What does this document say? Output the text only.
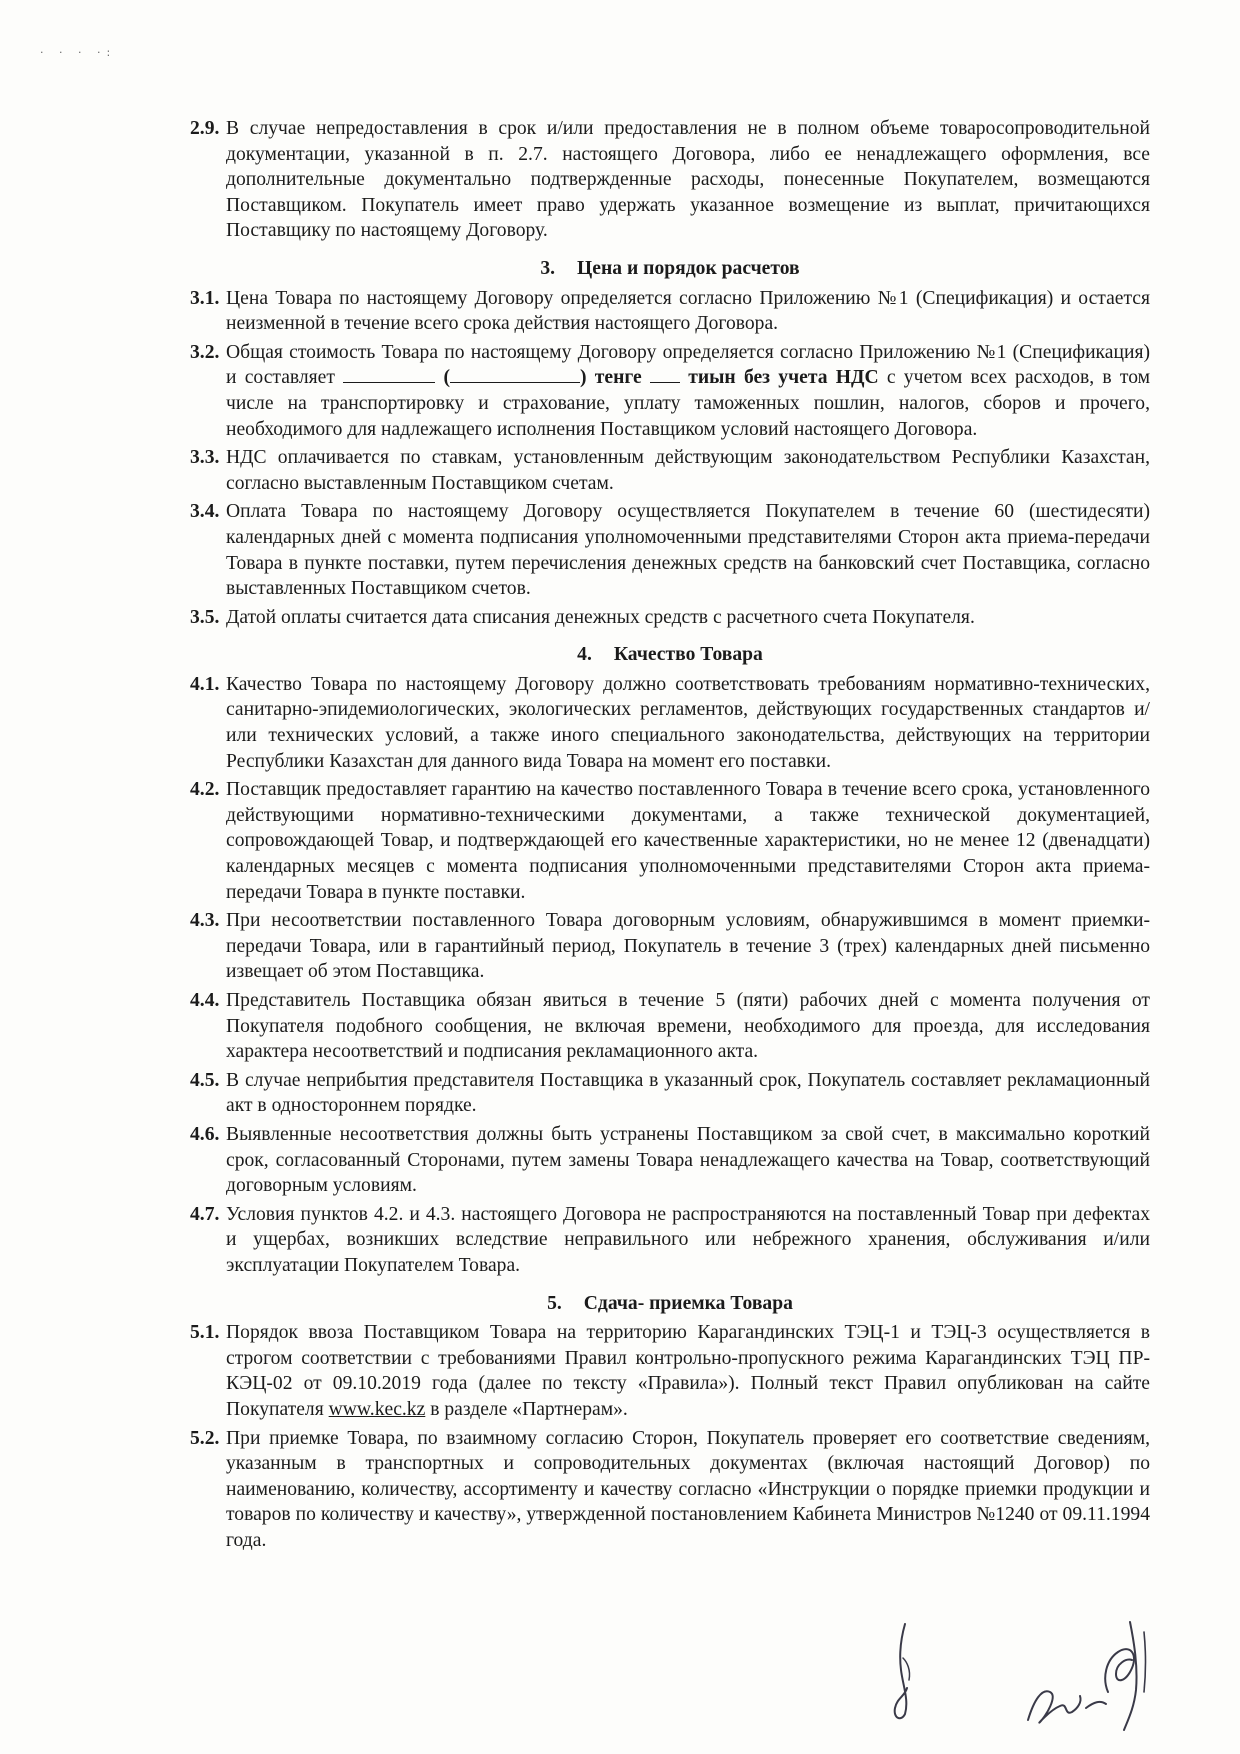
· · · ·:
2.9. В случае непредоставления в срок и/или предоставления не в полном объеме товаросопроводительной документации, указанной в п. 2.7. настоящего Договора, либо ее ненадлежащего оформления, все дополнительные документально подтвержденные расходы, понесенные Покупателем, возмещаются Поставщиком. Покупатель имеет право удержать указанное возмещение из выплат, причитающихся Поставщику по настоящему Договору.
3. Цена и порядок расчетов
3.1. Цена Товара по настоящему Договору определяется согласно Приложению №1 (Спецификация) и остается неизменной в течение всего срока действия настоящего Договора.
3.2. Общая стоимость Товара по настоящему Договору определяется согласно Приложению №1 (Спецификация) и составляет	(	) тенге тиын без учета НДС с учетом всех расходов, в том числе на транспортировку и страхование, уплату таможенных пошлин, налогов, сборов и прочего, необходимого для надлежащего исполнения Поставщиком условий настоящего Договора.
3.3. НДС оплачивается по ставкам, установленным действующим законодательством Республики Казахстан, согласно выставленным Поставщиком счетам.
3.4. Оплата Товара по настоящему Договору осуществляется Покупателем в течение 60 (шестидесяти) календарных дней с момента подписания уполномоченными представителями Сторон акта приема-передачи Товара в пункте поставки, путем перечисления денежных средств на банковский счет Поставщика, согласно выставленных Поставщиком счетов.
3.5. Датой оплаты считается дата списания денежных средств с расчетного счета Покупателя.
4. Качество Товара
4.1. Качество Товара по настоящему Договору должно соответствовать требованиям нормативно-технических, санитарно-эпидемиологических, экологических регламентов, действующих государственных стандартов и/или технических условий, а также иного специального законодательства, действующих на территории Республики Казахстан для данного вида Товара на момент его поставки.
4.2. Поставщик предоставляет гарантию на качество поставленного Товара в течение всего срока, установленного действующими нормативно-техническими документами, а также технической документацией, сопровождающей Товар, и подтверждающей его качественные характеристики, но не менее 12 (двенадцати) календарных месяцев с момента подписания уполномоченными представителями Сторон акта приема-передачи Товара в пункте поставки.
4.3. При несоответствии поставленного Товара договорным условиям, обнаружившимся в момент приемки-передачи Товара, или в гарантийный период, Покупатель в течение 3 (трех) календарных дней письменно извещает об этом Поставщика.
4.4. Представитель Поставщика обязан явиться в течение 5 (пяти) рабочих дней с момента получения от Покупателя подобного сообщения, не включая времени, необходимого для проезда, для исследования характера несоответствий и подписания рекламационного акта.
4.5. В случае неприбытия представителя Поставщика в указанный срок, Покупатель составляет рекламационный акт в одностороннем порядке.
4.6. Выявленные несоответствия должны быть устранены Поставщиком за свой счет, в максимально короткий срок, согласованный Сторонами, путем замены Товара ненадлежащего качества на Товар, соответствующий договорным условиям.
4.7. Условия пунктов 4.2. и 4.3. настоящего Договора не распространяются на поставленный Товар при дефектах и ущербах, возникших вследствие неправильного или небрежного хранения, обслуживания и/или эксплуатации Покупателем Товара.
5. Сдача- приемка Товара
5.1. Порядок ввоза Поставщиком Товара на территорию Карагандинских ТЭЦ-1 и ТЭЦ-3 осуществляется в строгом соответствии с требованиями Правил контрольно-пропускного режима Карагандинских ТЭЦ ПР-КЭЦ-02 от 09.10.2019 года (далее по тексту «Правила»). Полный текст Правил опубликован на сайте Покупателя www.kec.kz в разделе «Партнерам».
5.2. При приемке Товара, по взаимному согласию Сторон, Покупатель проверяет его соответствие сведениям, указанным в транспортных и сопроводительных документах (включая настоящий Договор) по наименованию, количеству, ассортименту и качеству согласно «Инструкции о порядке приемки продукции и товаров по количеству и качеству», утвержденной постановлением Кабинета Министров №1240 от 09.11.1994 года.
